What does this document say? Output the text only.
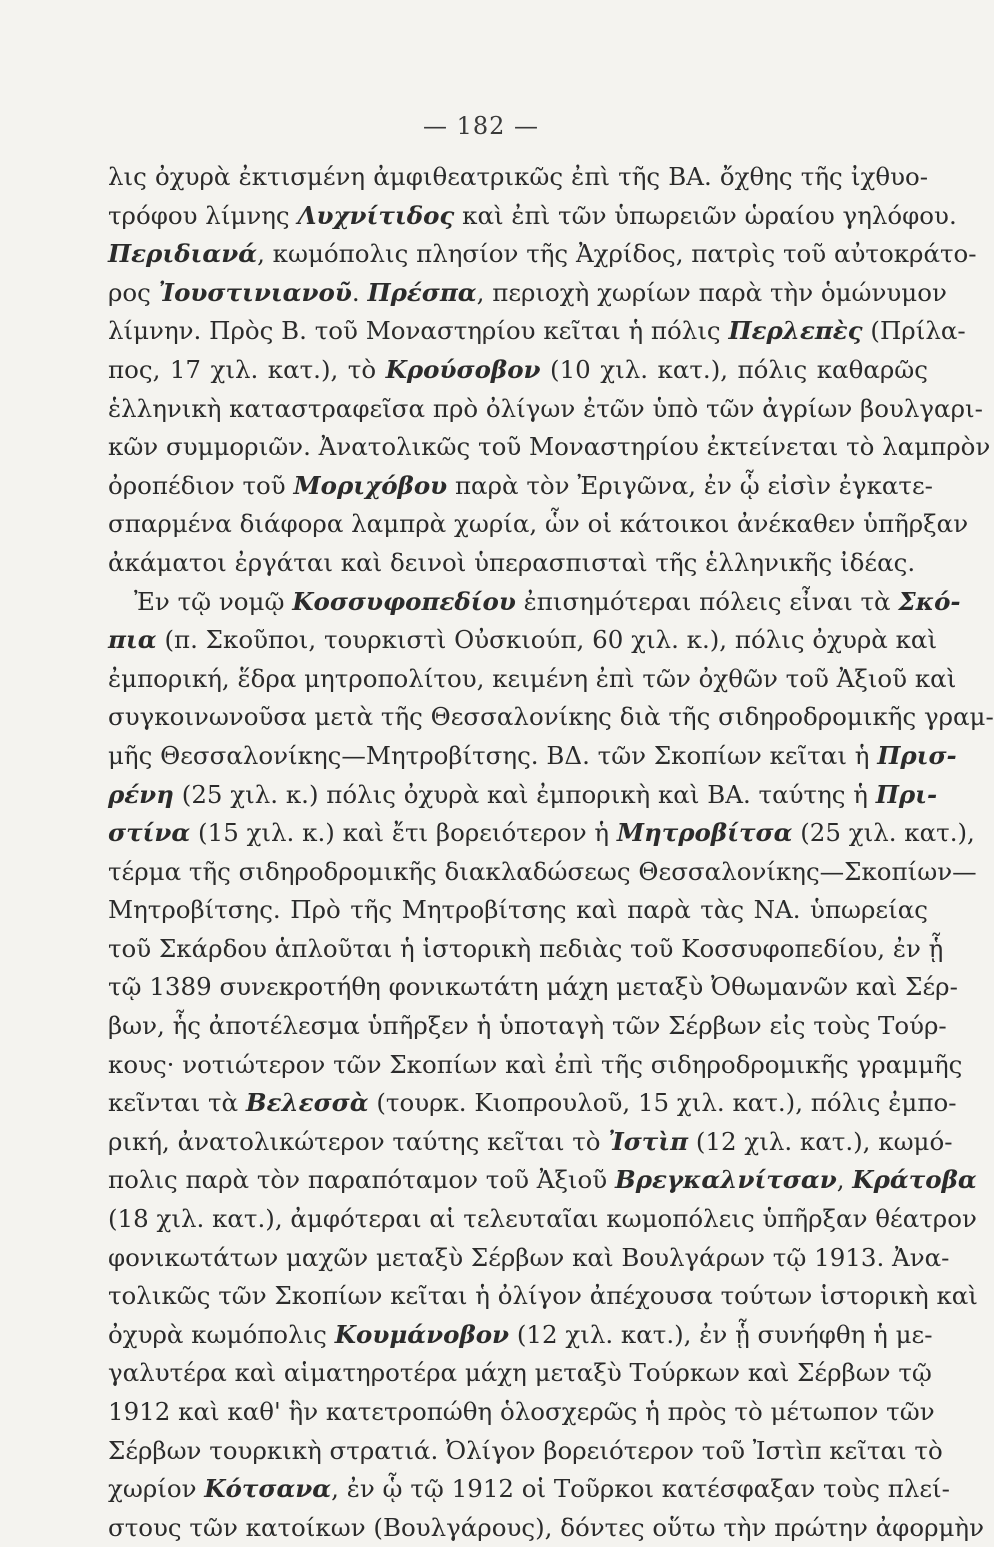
— 182 —
λις ὀχυρὰ ἐκτισμένη ἀμφιθεατρικῶς ἐπὶ τῆς ΒΑ. ὄχθης τῆς ἰχθυο-
τρόφου λίμνης Λυχνίτιδος καὶ ἐπὶ τῶν ὑπωρειῶν ὡραίου γηλόφου.
Περιδιανά, κωμόπολις πλησίον τῆς Ἀχρίδος, πατρὶς τοῦ αὐτοκράτο-
ρος Ἰουστινιανοῦ. Πρέσπα, περιοχὴ χωρίων παρὰ τὴν ὁμώνυμον
λίμνην. Πρὸς Β. τοῦ Μοναστηρίου κεῖται ἡ πόλις Περλεπὲς (Πρίλα-
πος, 17 χιλ. κατ.), τὸ Κρούσοβον (10 χιλ. κατ.), πόλις καθαρῶς
ἑλληνικὴ καταστραφεῖσα πρὸ ὀλίγων ἐτῶν ὑπὸ τῶν ἀγρίων βουλγαρι-
κῶν συμμοριῶν. Ἀνατολικῶς τοῦ Μοναστηρίου ἐκτείνεται τὸ λαμπρὸν
ὀροπέδιον τοῦ Μοριχόβου παρὰ τὸν Ἐριγῶνα, ἐν ᾧ εἰσὶν ἐγκατε-
σπαρμένα διάφορα λαμπρὰ χωρία, ὧν οἱ κάτοικοι ἀνέκαθεν ὑπῆρξαν
ἀκάματοι ἐργάται καὶ δεινοὶ ὑπερασπισταὶ τῆς ἑλληνικῆς ἰδέας.
Ἐν τῷ νομῷ Κοσσυφοπεδίου ἐπισημότεραι πόλεις εἶναι τὰ Σκό-
πια (π. Σκοῦποι, τουρκιστὶ Οὐσκιούπ, 60 χιλ. κ.), πόλις ὀχυρὰ καὶ
ἐμπορική, ἕδρα μητροπολίτου, κειμένη ἐπὶ τῶν ὀχθῶν τοῦ Ἀξιοῦ καὶ
συγκοινωνοῦσα μετὰ τῆς Θεσσαλονίκης διὰ τῆς σιδηροδρομικῆς γραμ-
μῆς Θεσσαλονίκης—Μητροβίτσης. ΒΔ. τῶν Σκοπίων κεῖται ἡ Πρισ-
ρένη (25 χιλ. κ.) πόλις ὀχυρὰ καὶ ἐμπορικὴ καὶ ΒΑ. ταύτης ἡ Πρι-
στίνα (15 χιλ. κ.) καὶ ἔτι βορειότερον ἡ Μητροβίτσα (25 χιλ. κατ.),
τέρμα τῆς σιδηροδρομικῆς διακλαδώσεως Θεσσαλονίκης—Σκοπίων—
Μητροβίτσης. Πρὸ τῆς Μητροβίτσης καὶ παρὰ τὰς ΝΑ. ὑπωρείας
τοῦ Σκάρδου ἁπλοῦται ἡ ἱστορικὴ πεδιὰς τοῦ Κοσσυφοπεδίου, ἐν ᾗ
τῷ 1389 συνεκροτήθη φονικωτάτη μάχη μεταξὺ Ὀθωμανῶν καὶ Σέρ-
βων, ἧς ἀποτέλεσμα ὑπῆρξεν ἡ ὑποταγὴ τῶν Σέρβων εἰς τοὺς Τούρ-
κους· νοτιώτερον τῶν Σκοπίων καὶ ἐπὶ τῆς σιδηροδρομικῆς γραμμῆς
κεῖνται τὰ Βελεσσὰ (τουρκ. Κιοπρουλοῦ, 15 χιλ. κατ.), πόλις ἐμπο-
ρική, ἀνατολικώτερον ταύτης κεῖται τὸ Ἰστὶπ (12 χιλ. κατ.), κωμό-
πολις παρὰ τὸν παραπόταμον τοῦ Ἀξιοῦ Βρεγκαλνίτσαν, Κράτοβα
(18 χιλ. κατ.), ἀμφότεραι αἱ τελευταῖαι κωμοπόλεις ὑπῆρξαν θέατρον
φονικωτάτων μαχῶν μεταξὺ Σέρβων καὶ Βουλγάρων τῷ 1913. Ἀνα-
τολικῶς τῶν Σκοπίων κεῖται ἡ ὀλίγον ἀπέχουσα τούτων ἱστορικὴ καὶ
ὀχυρὰ κωμόπολις Κουμάνοβον (12 χιλ. κατ.), ἐν ᾗ συνήφθη ἡ με-
γαλυτέρα καὶ αἱματηροτέρα μάχη μεταξὺ Τούρκων καὶ Σέρβων τῷ
1912 καὶ καθ' ἣν κατετροπώθη ὁλοσχερῶς ἡ πρὸς τὸ μέτωπον τῶν
Σέρβων τουρκικὴ στρατιά. Ὀλίγον βορειότερον τοῦ Ἰστὶπ κεῖται τὸ
χωρίον Κότσανα, ἐν ᾧ τῷ 1912 οἱ Τοῦρκοι κατέσφαξαν τοὺς πλεί-
στους τῶν κατοίκων (Βουλγάρους), δόντες οὕτω τὴν πρώτην ἀφορμὴν
